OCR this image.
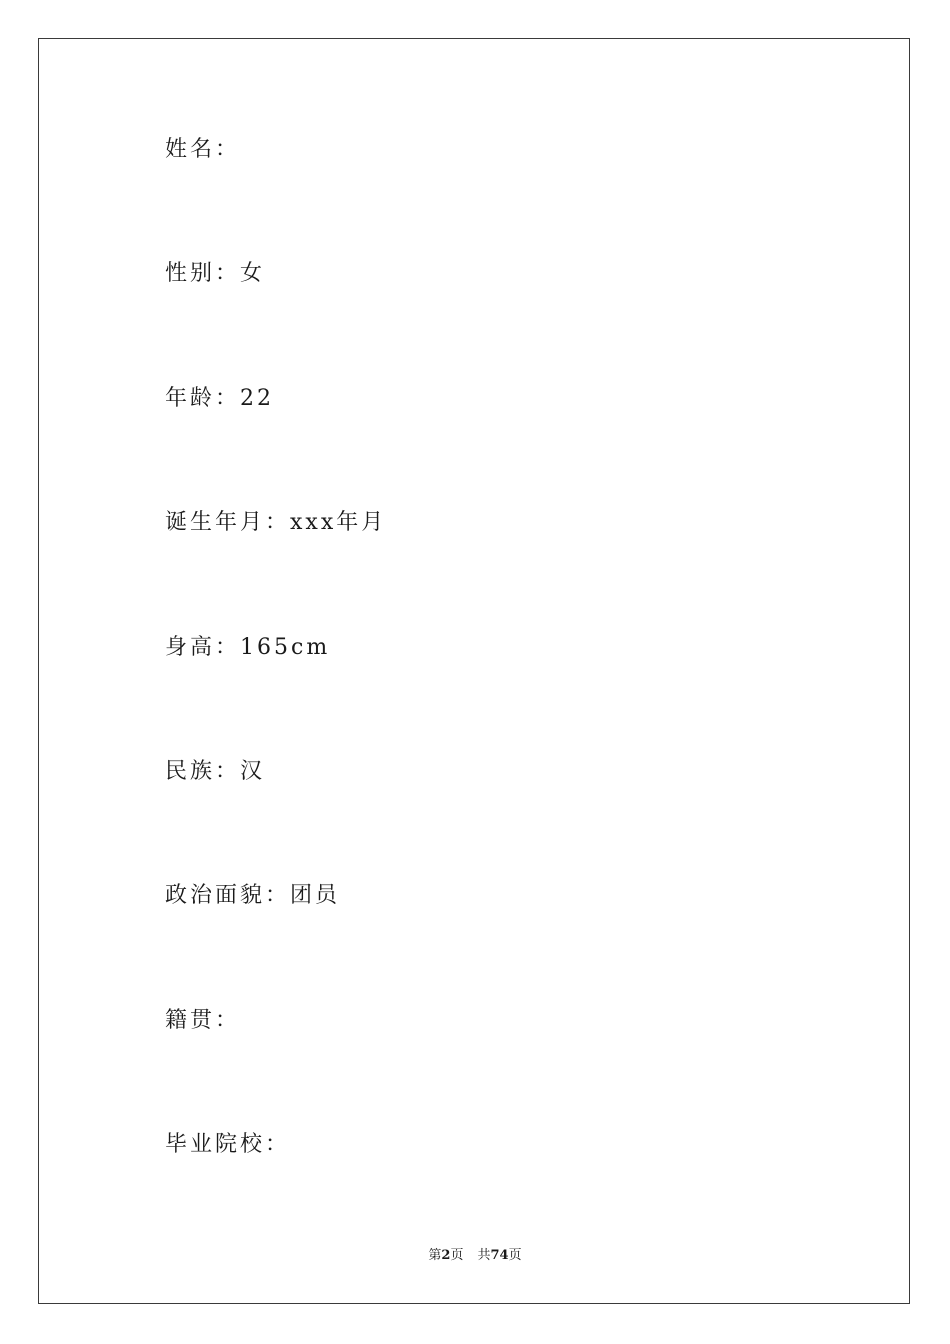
姓名：
性别：女
年龄：22
诞生年月：xxx年月
身高：165cm
民族：汉
政治面貌：团员
籍贯：
毕业院校：
第2页 共74页
